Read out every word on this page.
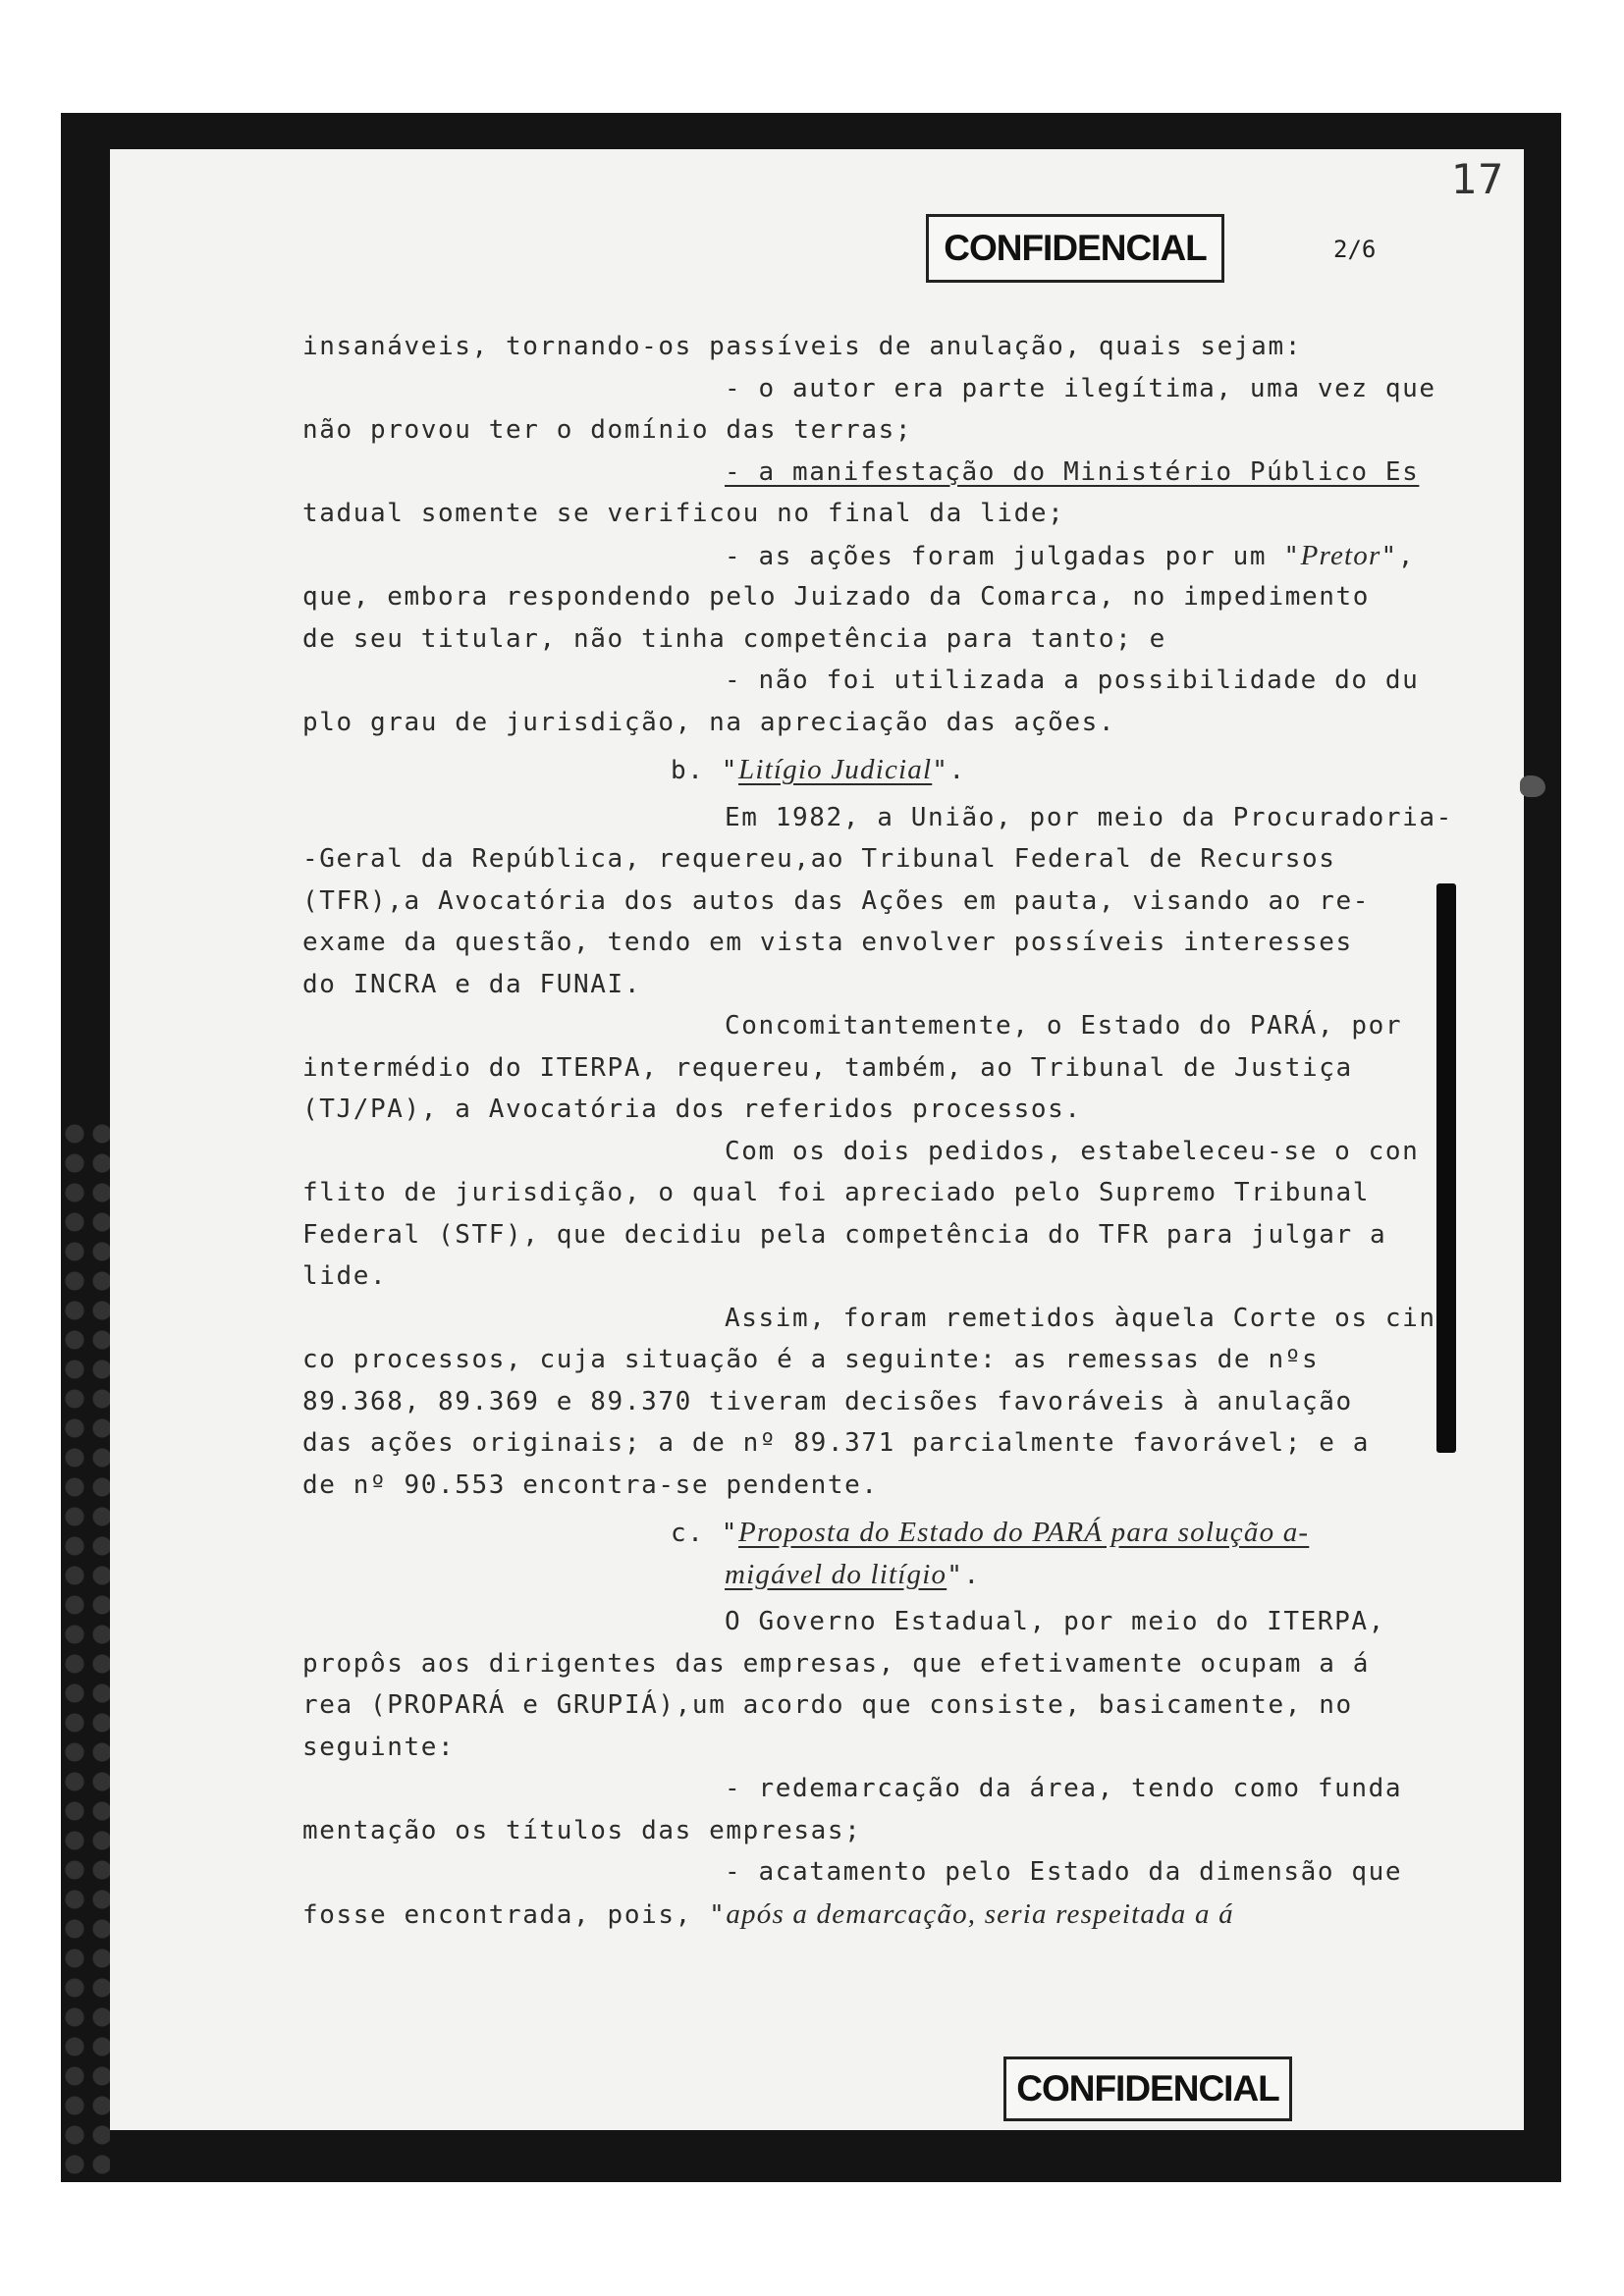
17
CONFIDENCIAL	2/6
insanáveis, tornando-os passíveis de anulação, quais sejam:
- o autor era parte ilegítima, uma vez que
não provou ter o domínio das terras;
- a manifestação do Ministério Público Es
tadual somente se verificou no final da lide;
- as ações foram julgadas por um "Pretor",
que, embora respondendo pelo Juizado da Comarca, no impedimento
de seu titular, não tinha competência para tanto; e
- não foi utilizada a possibilidade do du
plo grau de jurisdição, na apreciação das ações.
b. "Litígio Judicial".
Em 1982, a União, por meio da Procuradoria-
-Geral da República, requereu,ao Tribunal Federal de Recursos
(TFR),a Avocatória dos autos das Ações em pauta, visando ao re-
exame da questão, tendo em vista envolver possíveis interesses
do INCRA e da FUNAI.
Concomitantemente, o Estado do PARÁ, por
intermédio do ITERPA, requereu, também, ao Tribunal de Justiça
(TJ/PA), a Avocatória dos referidos processos.
Com os dois pedidos, estabeleceu-se o con
flito de jurisdição, o qual foi apreciado pelo Supremo Tribunal
Federal (STF), que decidiu pela competência do TFR para julgar a
lide.
Assim, foram remetidos àquela Corte os cin
co processos, cuja situação é a seguinte: as remessas de nºs
89.368, 89.369 e 89.370 tiveram decisões favoráveis à anulação
das ações originais; a de nº 89.371 parcialmente favorável; e a
de nº 90.553 encontra-se pendente.
c. "Proposta do Estado do PARÁ para solução a-
migável do litígio".
O Governo Estadual, por meio do ITERPA,
propôs aos dirigentes das empresas, que efetivamente ocupam a á
rea (PROPARÁ e GRUPIÁ),um acordo que consiste, basicamente, no
seguinte:
- redemarcação da área, tendo como funda
mentação os títulos das empresas;
- acatamento pelo Estado da dimensão que
fosse encontrada, pois, "após a demarcação, seria respeitada a á
CONFIDENCIAL
